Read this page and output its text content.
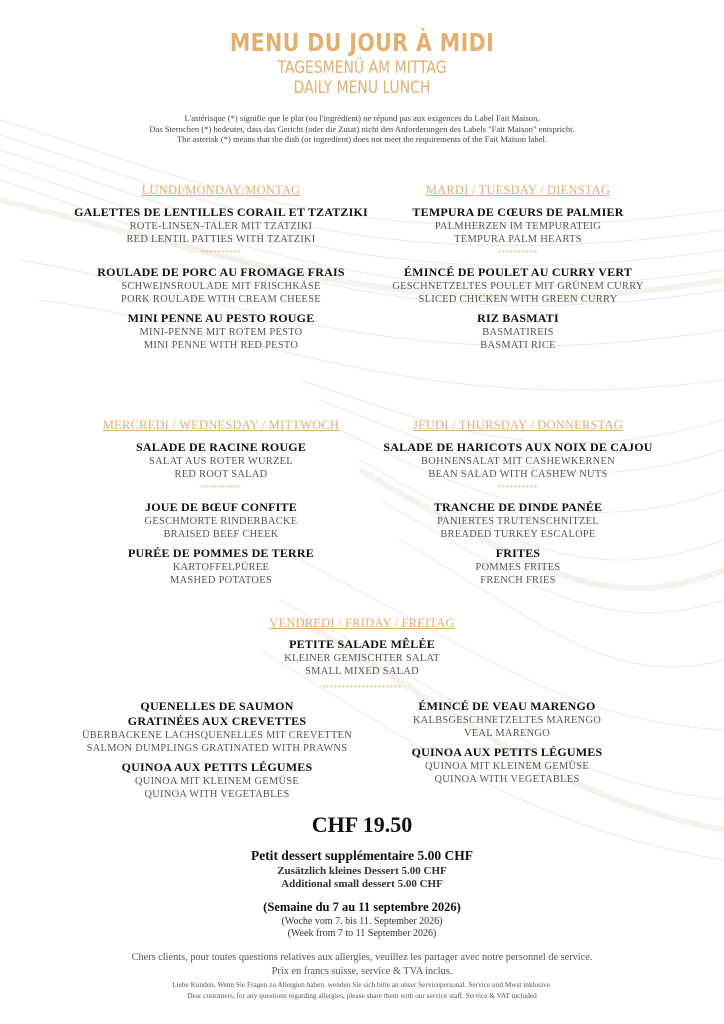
MENU DU JOUR À MIDI
TAGESMENÜ AM MITTAG
DAILY MENU LUNCH
L'astérisque (*) signifie que le plat (ou l'ingrédient) ne répond pas aux exigences du Label Fait Maison.
Das Sternchen (*) bedeutet, dass das Gericht (oder die Zutat) nicht den Anforderungen des Labels "Fait Maison" entspricht.
The asterisk (*) means that the dish (or ingredient) does not meet the requirements of the Fait Maison label.
LUNDI/MONDAY/MONTAG
GALETTES DE LENTILLES CORAIL ET TZATZIKI
ROTE-LINSEN-TALER MIT TZATZIKI
RED LENTIL PATTIES WITH TZATZIKI
**********
ROULADE DE PORC AU FROMAGE FRAIS
SCHWEINSROULADE MIT FRISCHKÄSE
PORK ROULADE WITH CREAM CHEESE
MINI PENNE AU PESTO ROUGE
MINI-PENNE MIT ROTEM PESTO
MINI PENNE WITH RED PESTO
MARDI / TUESDAY / DIENSTAG
TEMPURA DE CŒURS DE PALMIER
PALMHERZEN IM TEMPURATEIG
TEMPURA PALM HEARTS
**********
ÉMINCÉ DE POULET AU CURRY VERT
GESCHNETZELTES POULET MIT GRÜNEM CURRY
SLICED CHICKEN WITH GREEN CURRY
RIZ BASMATI
BASMATIREIS
BASMATI RICE
MERCREDI / WEDNESDAY / MITTWOCH
SALADE DE RACINE ROUGE
SALAT AUS ROTER WURZEL
RED ROOT SALAD
**********
JOUE DE BŒUF CONFITE
GESCHMORTE RINDERBACKE
BRAISED BEEF CHEEK
PURÉE DE POMMES DE TERRE
KARTOFFELPÜREE
MASHED POTATOES
JEUDI / THURSDAY / DONNERSTAG
SALADE DE HARICOTS AUX NOIX DE CAJOU
BOHNENSALAT MIT CASHEWKERNEN
BEAN SALAD WITH CASHEW NUTS
**********
TRANCHE DE DINDE PANÉE
PANIERTES TRUTENSCHNITZEL
BREADED TURKEY ESCALOPE
FRITES
POMMES FRITES
FRENCH FRIES
VENDREDI / FRIDAY / FREITAG
PETITE SALADE MÊLÉE
KLEINER GEMISCHTER SALAT
SMALL MIXED SALAD
********************
QUENELLES DE SAUMON
GRATINÉES AUX CREVETTES
ÜBERBACKENE LACHSQUENELLES MIT CREVETTEN
SALMON DUMPLINGS GRATINATED WITH PRAWNS
QUINOA AUX PETITS LÉGUMES
QUINOA MIT KLEINEM GEMÜSE
QUINOA WITH VEGETABLES
ÉMINCÉ DE VEAU MARENGO
KALBSGESCHNETZELTES MARENGO
VEAL MARENGO
QUINOA AUX PETITS LÉGUMES
QUINOA MIT KLEINEM GEMÜSE
QUINOA WITH VEGETABLES
CHF 19.50
Petit dessert supplémentaire 5.00 CHF
Zusätzlich kleines Dessert 5.00 CHF
Additional small dessert 5.00 CHF
(Semaine du 7 au 11 septembre 2026)
(Woche vom 7. bis 11. September 2026)
(Week from 7 to 11 September 2026)
Chers clients, pour toutes questions relatives aux allergies, veuillez les partager avec notre personnel de service.
Prix en francs suisse, service & TVA inclus.
Liebe Kunden, Wenn Sie Fragen zu Allergien haben, wenden Sie sich bitte an unser Servicepersonal. Service und Mwst inklusive.
Dear customers, for any questions regarding allergies, please share them with our service staff. Service & VAT included
